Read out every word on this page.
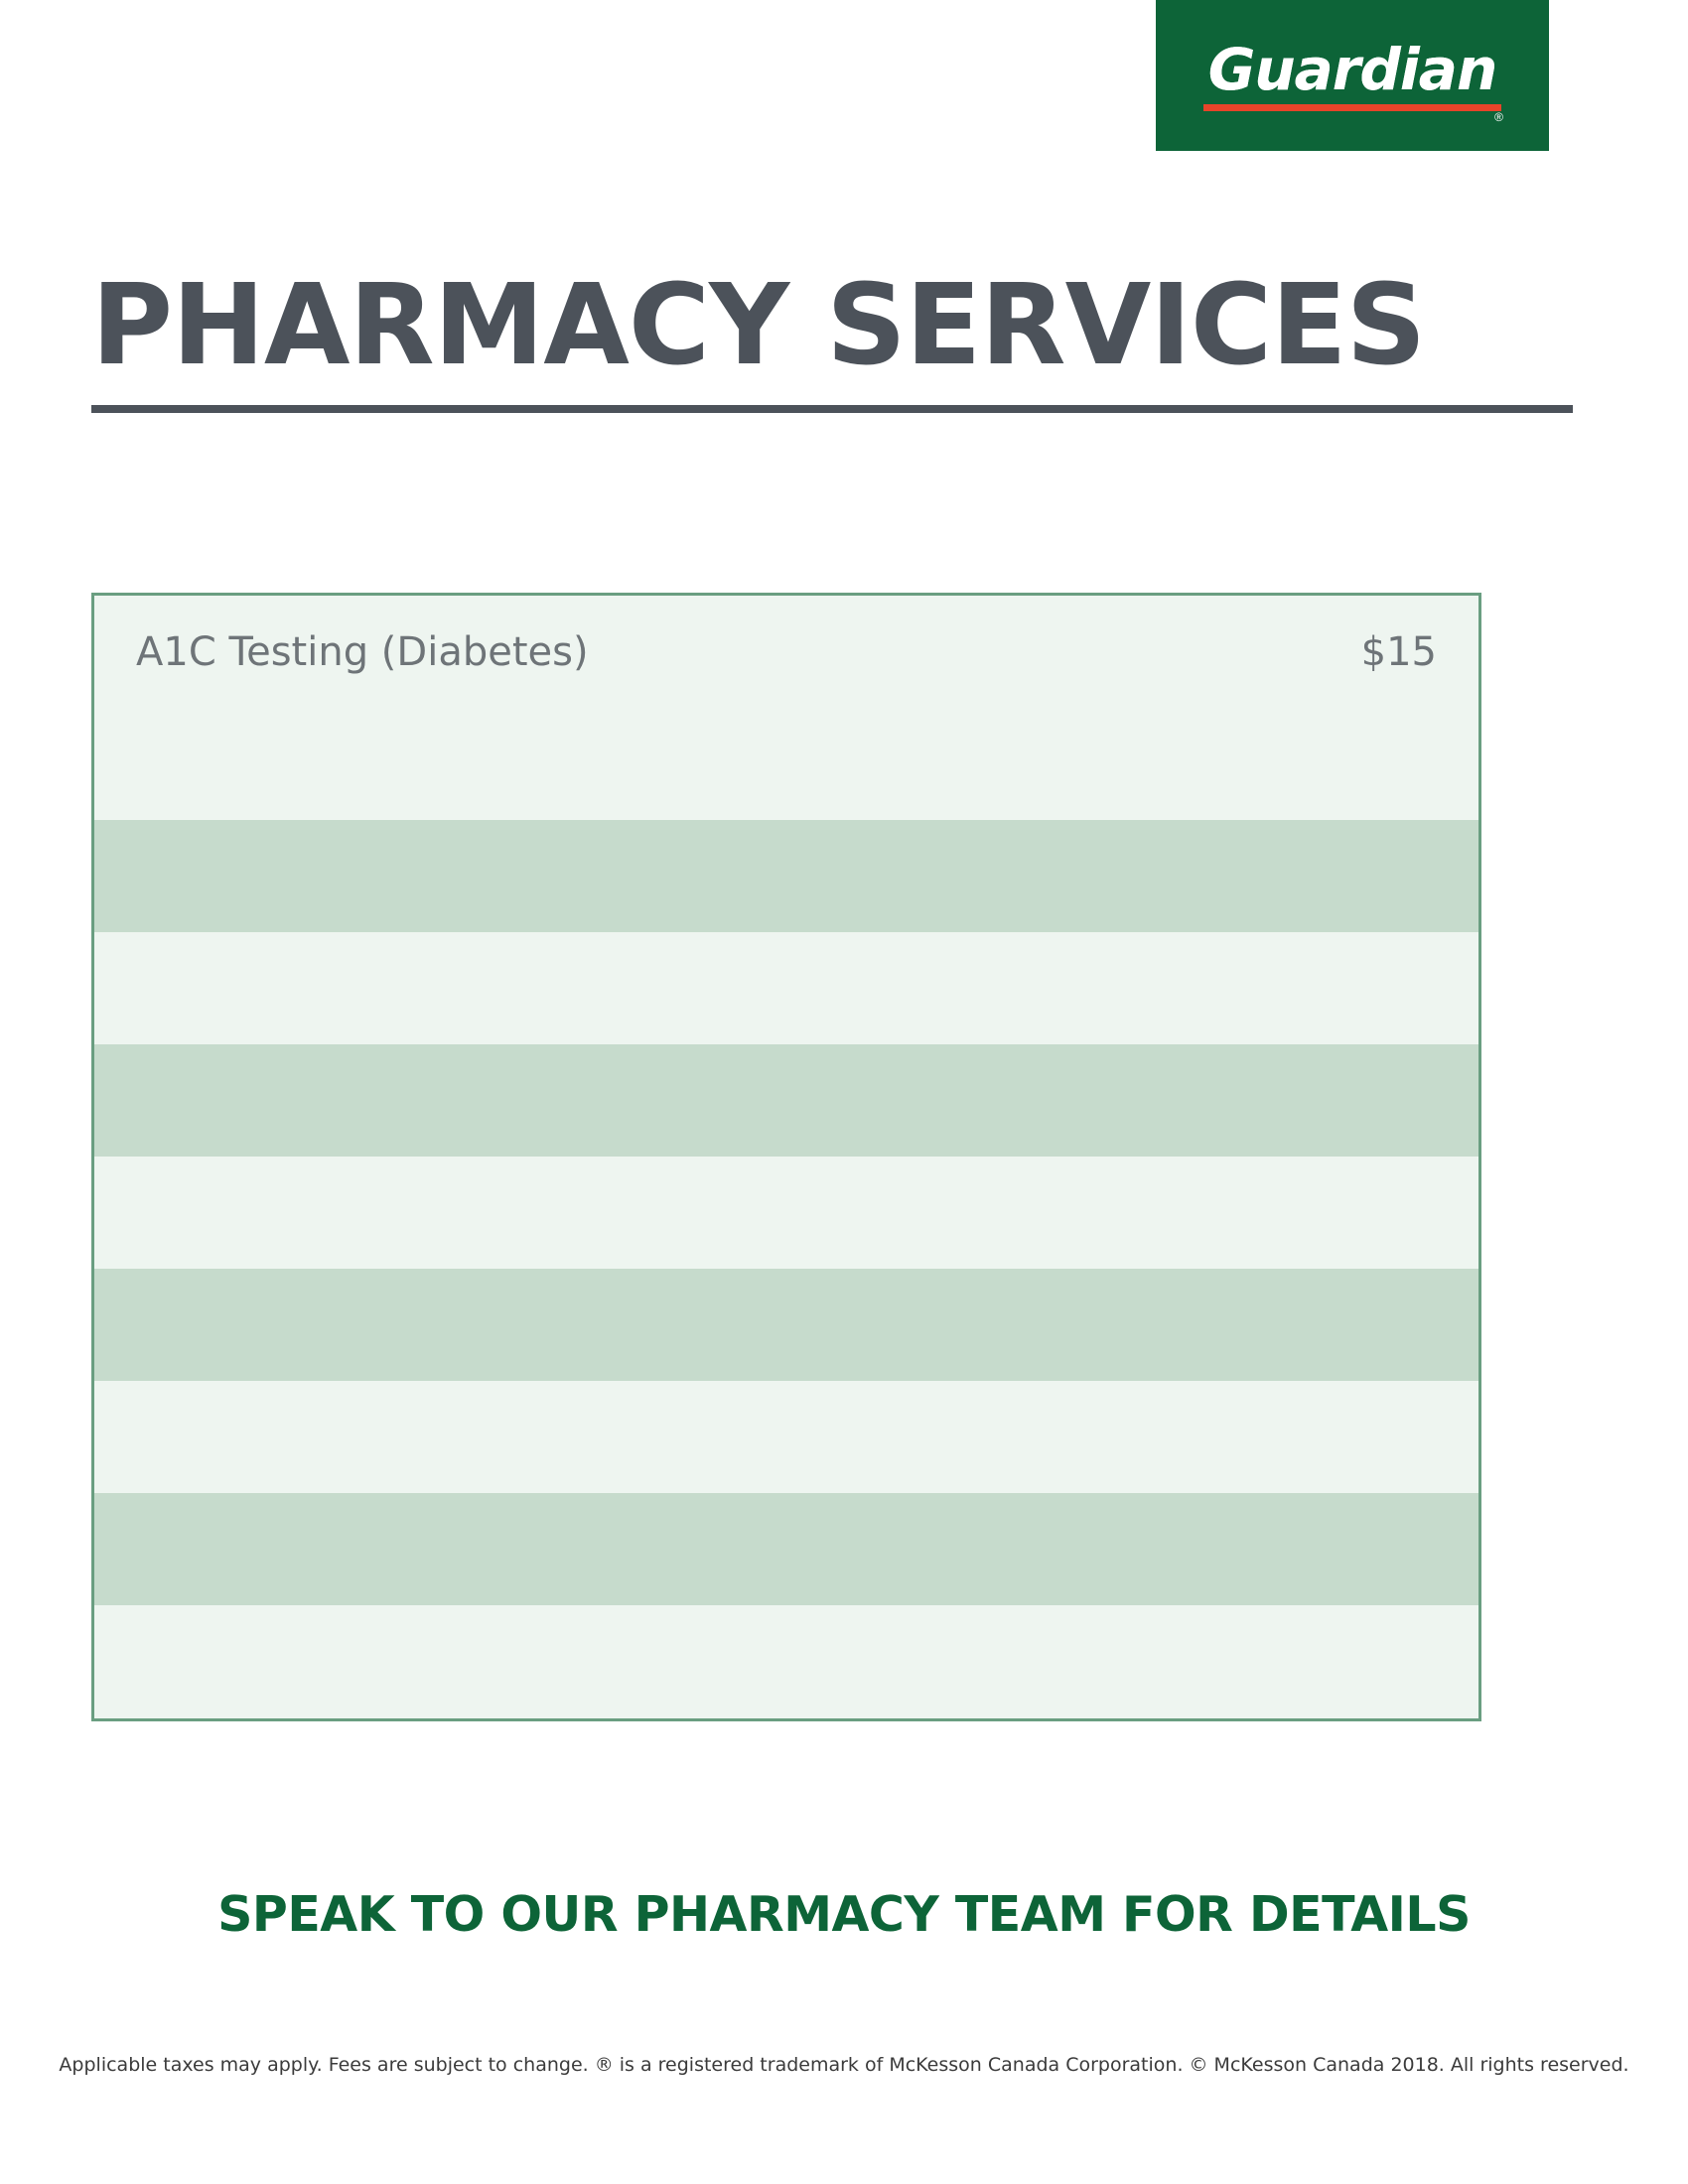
Guardian
®
PHARMACY SERVICES
A1C Testing (Diabetes)	$15
SPEAK TO OUR PHARMACY TEAM FOR DETAILS
Applicable taxes may apply. Fees are subject to change. ® is a registered trademark of McKesson Canada Corporation. © McKesson Canada 2018. All rights reserved.
